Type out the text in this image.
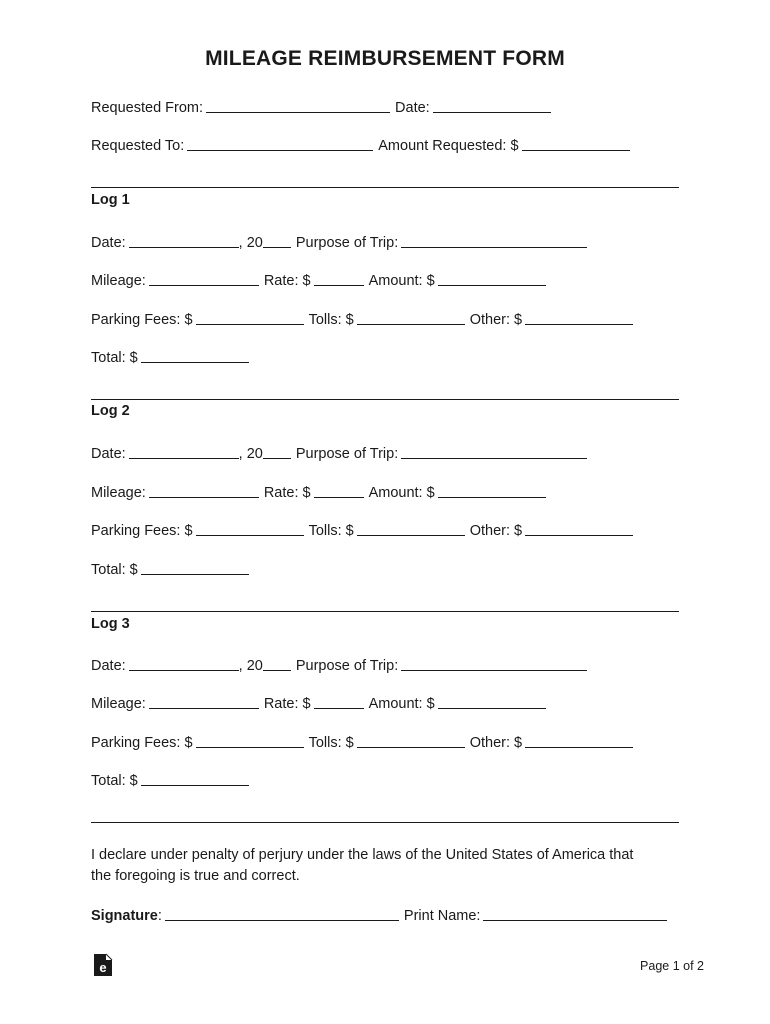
MILEAGE REIMBURSEMENT FORM
Requested From:	Date:
Requested To:	Amount Requested: $
Log 1
Date:	, 20	Purpose of Trip:
Mileage:	Rate: $	Amount: $
Parking Fees: $	Tolls: $	Other: $
Total: $
Log 2
Date:	, 20	Purpose of Trip:
Mileage:	Rate: $	Amount: $
Parking Fees: $	Tolls: $	Other: $
Total: $
Log 3
Date:	, 20	Purpose of Trip:
Mileage:	Rate: $	Amount: $
Parking Fees: $	Tolls: $	Other: $
Total: $
I declare under penalty of perjury under the laws of the United States of America that
the foregoing is true and correct.
Signature :	Print Name:
e	Page 1 of 2
